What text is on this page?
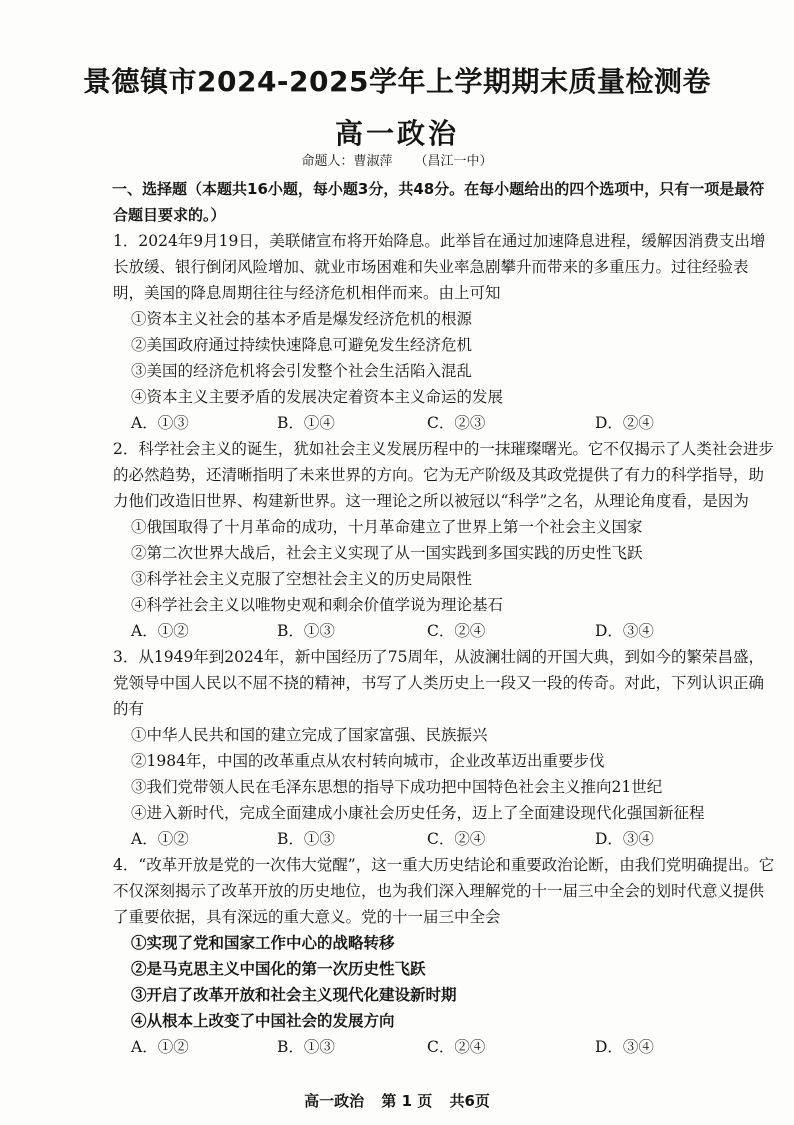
景德镇市2024-2025学年上学期期末质量检测卷
高一政治
命题人：曹淑萍 （昌江一中）

一、选择题（本题共16小题，每小题3分，共48分。在每小题给出的四个选项中，只有一项是最符合题目要求的。）

1．2024年9月19日，美联储宣布将开始降息。此举旨在通过加速降息进程，缓解因消费支出增长放缓、银行倒闭风险增加、就业市场困难和失业率急剧攀升而带来的多重压力。过往经验表明，美国的降息周期往往与经济危机相伴而来。由上可知

①资本主义社会的基本矛盾是爆发经济危机的根源

②美国政府通过持续快速降息可避免发生经济危机

③美国的经济危机将会引发整个社会生活陷入混乱

④资本主义主要矛盾的发展决定着资本主义命运的发展

A．①③	B．①④	C．②③	D．②④

2．科学社会主义的诞生，犹如社会主义发展历程中的一抹璀璨曙光。它不仅揭示了人类社会进步的必然趋势，还清晰指明了未来世界的方向。它为无产阶级及其政党提供了有力的科学指导，助力他们改造旧世界、构建新世界。这一理论之所以被冠以“科学”之名，从理论角度看，是因为

①俄国取得了十月革命的成功，十月革命建立了世界上第一个社会主义国家

②第二次世界大战后，社会主义实现了从一国实践到多国实践的历史性飞跃

③科学社会主义克服了空想社会主义的历史局限性

④科学社会主义以唯物史观和剩余价值学说为理论基石

A．①②	B．①③	C．②④	D．③④

3．从1949年到2024年，新中国经历了75周年，从波澜壮阔的开国大典，到如今的繁荣昌盛，党领导中国人民以不屈不挠的精神，书写了人类历史上一段又一段的传奇。对此，下列认识正确的有

①中华人民共和国的建立完成了国家富强、民族振兴

②1984年，中国的改革重点从农村转向城市，企业改革迈出重要步伐

③我们党带领人民在毛泽东思想的指导下成功把中国特色社会主义推向21世纪

④进入新时代，完成全面建成小康社会历史任务，迈上了全面建设现代化强国新征程

A．①②	B．①③	C．②④	D．③④

4．“改革开放是党的一次伟大觉醒”，这一重大历史结论和重要政治论断，由我们党明确提出。它不仅深刻揭示了改革开放的历史地位，也为我们深入理解党的十一届三中全会的划时代意义提供了重要依据，具有深远的重大意义。党的十一届三中全会

①实现了党和国家工作中心的战略转移

②是马克思主义中国化的第一次历史性飞跃

③开启了改革开放和社会主义现代化建设新时期

④从根本上改变了中国社会的发展方向

A．①②	B．①③	C．②④	D．③④
高一政治 第 1 页 共6页
